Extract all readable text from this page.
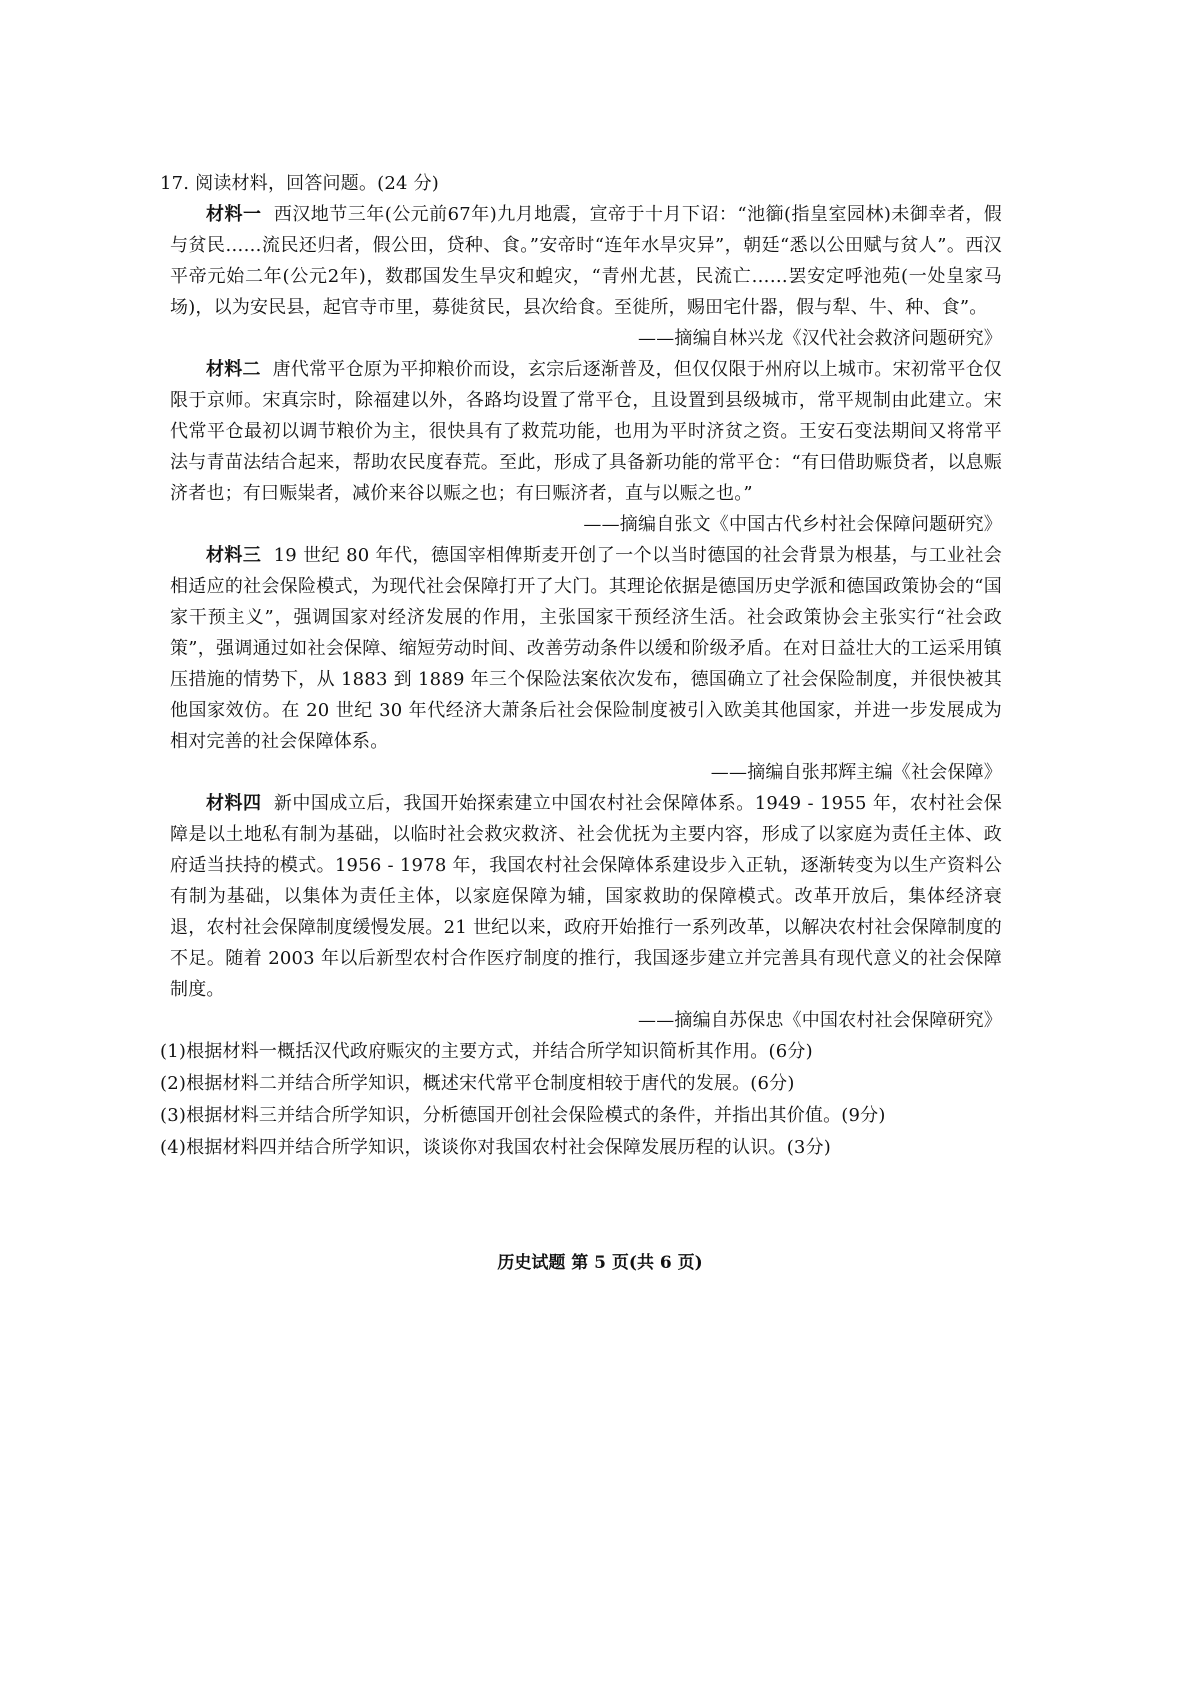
17. 阅读材料，回答问题。(24 分)

材料一 西汉地节三年(公元前67年)九月地震，宣帝于十月下诏：“池篽(指皇室园林)未御幸者，假与贫民……流民还归者，假公田，贷种、食。”安帝时“连年水旱灾异”，朝廷“悉以公田赋与贫人”。西汉平帝元始二年(公元2年)，数郡国发生旱灾和蝗灾，“青州尤甚，民流亡……罢安定呼池苑(一处皇家马场)，以为安民县，起官寺市里，募徙贫民，县次给食。至徙所，赐田宅什器，假与犁、牛、种、食”。

——摘编自林兴龙《汉代社会救济问题研究》

材料二 唐代常平仓原为平抑粮价而设，玄宗后逐渐普及，但仅仅限于州府以上城市。宋初常平仓仅限于京师。宋真宗时，除福建以外，各路均设置了常平仓，且设置到县级城市，常平规制由此建立。宋代常平仓最初以调节粮价为主，很快具有了救荒功能，也用为平时济贫之资。王安石变法期间又将常平法与青苗法结合起来，帮助农民度春荒。至此，形成了具备新功能的常平仓：“有曰借助赈贷者，以息赈济者也；有曰赈粜者，减价来谷以赈之也；有曰赈济者，直与以赈之也。”

——摘编自张文《中国古代乡村社会保障问题研究》

材料三 19 世纪 80 年代，德国宰相俾斯麦开创了一个以当时德国的社会背景为根基，与工业社会相适应的社会保险模式，为现代社会保障打开了大门。其理论依据是德国历史学派和德国政策协会的“国家干预主义”，强调国家对经济发展的作用，主张国家干预经济生活。社会政策协会主张实行“社会政策”，强调通过如社会保障、缩短劳动时间、改善劳动条件以缓和阶级矛盾。在对日益壮大的工运采用镇压措施的情势下，从 1883 到 1889 年三个保险法案依次发布，德国确立了社会保险制度，并很快被其他国家效仿。在 20 世纪 30 年代经济大萧条后社会保险制度被引入欧美其他国家，并进一步发展成为相对完善的社会保障体系。

——摘编自张邦辉主编《社会保障》

材料四 新中国成立后，我国开始探索建立中国农村社会保障体系。1949 - 1955 年，农村社会保障是以土地私有制为基础，以临时社会救灾救济、社会优抚为主要内容，形成了以家庭为责任主体、政府适当扶持的模式。1956 - 1978 年，我国农村社会保障体系建设步入正轨，逐渐转变为以生产资料公有制为基础，以集体为责任主体，以家庭保障为辅，国家救助的保障模式。改革开放后，集体经济衰退，农村社会保障制度缓慢发展。21 世纪以来，政府开始推行一系列改革，以解决农村社会保障制度的不足。随着 2003 年以后新型农村合作医疗制度的推行，我国逐步建立并完善具有现代意义的社会保障制度。

——摘编自苏保忠《中国农村社会保障研究》

(1)根据材料一概括汉代政府赈灾的主要方式，并结合所学知识简析其作用。(6分)

(2)根据材料二并结合所学知识，概述宋代常平仓制度相较于唐代的发展。(6分)

(3)根据材料三并结合所学知识，分析德国开创社会保险模式的条件，并指出其价值。(9分)

(4)根据材料四并结合所学知识，谈谈你对我国农村社会保障发展历程的认识。(3分)

历史试题 第 5 页(共 6 页)
